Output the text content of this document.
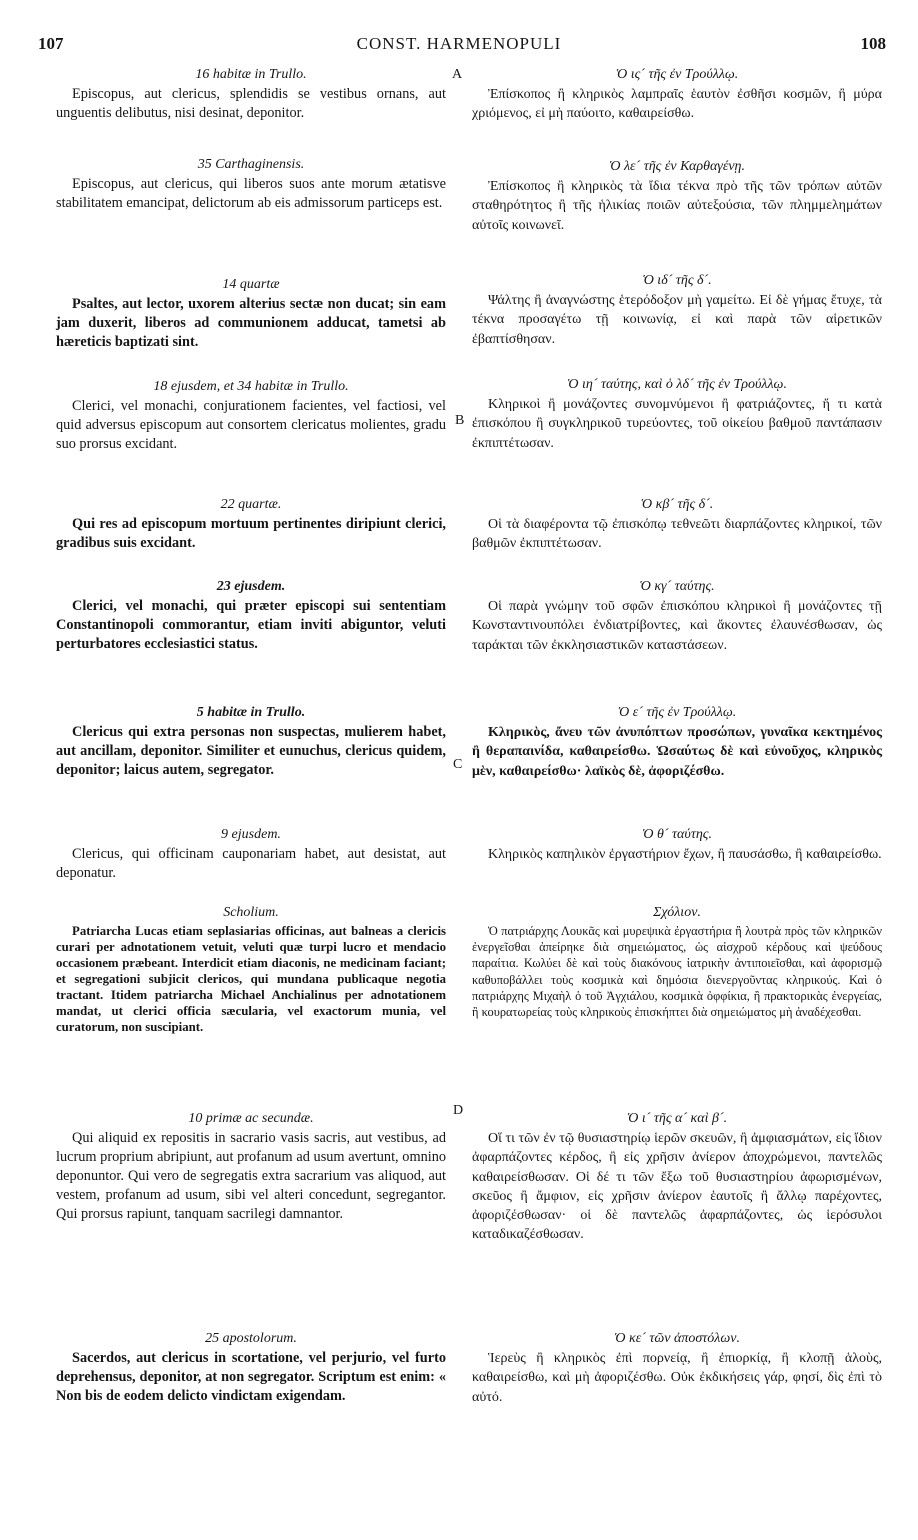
107	CONST. HARMENOPULI	108
A
B
C
D
16 habitæ in Trullo.

Episcopus, aut clericus, splendidis se vestibus ornans, aut unguentis delibutus, nisi desinat, deponitor.

35 Carthaginensis.

Episcopus, aut clericus, qui liberos suos ante morum ætatisve stabilitatem emancipat, delictorum ab eis admissorum particeps est.

14 quartæ

Psaltes, aut lector, uxorem alterius sectæ non ducat; sin eam jam duxerit, liberos ad communionem adducat, tametsi ab hæreticis baptizati sint.

18 ejusdem, et 34 habitæ in Trullo.

Clerici, vel monachi, conjurationem facientes, vel factiosi, vel quid adversus episcopum aut consortem clericatus molientes, gradu suo prorsus excidant.

22 quartæ.

Qui res ad episcopum mortuum pertinentes diripiunt clerici, gradibus suis excidant.

23 ejusdem.

Clerici, vel monachi, qui præter episcopi sui sententiam Constantinopoli commorantur, etiam inviti abiguntor, veluti perturbatores ecclesiastici status.

5 habitæ in Trullo.

Clericus qui extra personas non suspectas, mulierem habet, aut ancillam, deponitor. Similiter et eunuchus, clericus quidem, deponitor; laicus autem, segregator.

9 ejusdem.

Clericus, qui officinam cauponariam habet, aut desistat, aut deponatur.

Scholium.

Patriarcha Lucas etiam seplasiarias officinas, aut balneas a clericis curari per adnotationem vetuit, veluti quæ turpi lucro et mendacio occasionem præbeant. Interdicit etiam diaconis, ne medicinam faciant; et segregationi subjicit clericos, qui mundana publicaque negotia tractant. Itidem patriarcha Michael Anchialinus per adnotationem mandat, ut clerici officia sæcularia, vel exactorum munia, vel curatorum, non suscipiant.

10 primæ ac secundæ.

Qui aliquid ex repositis in sacrario vasis sacris, aut vestibus, ad lucrum proprium abripiunt, aut profanum ad usum avertunt, omnino deponuntor. Qui vero de segregatis extra sacrarium vas aliquod, aut vestem, profanum ad usum, sibi vel alteri concedunt, segregantor. Qui prorsus rapiunt, tanquam sacrilegi damnantor.

25 apostolorum.

Sacerdos, aut clericus in scortatione, vel perjurio, vel furto deprehensus, deponitor, at non segregator. Scriptum est enim: « Non bis de eodem delicto vindictam exigendam.

Ὁ ις´ τῆς ἐν Τρούλλῳ.

Ἐπίσκοπος ἢ κληρικὸς λαμπραῖς ἑαυτὸν ἐσθῆσι κοσμῶν, ἢ μύρα χριόμενος, εἰ μὴ παύοιτο, καθαιρείσθω.

Ὁ λε´ τῆς ἐν Καρθαγένῃ.

Ἐπίσκοπος ἢ κληρικὸς τὰ ἴδια τέκνα πρὸ τῆς τῶν τρόπων αὐτῶν σταθηρότητος ἢ τῆς ἡλικίας ποιῶν αὐτεξούσια, τῶν πλημμελημάτων αὐτοῖς κοινωνεῖ.

Ὁ ιδ´ τῆς δ´.

Ψάλτης ἢ ἀναγνώστης ἑτερόδοξον μὴ γαμείτω. Εἰ δὲ γήμας ἔτυχε, τὰ τέκνα προσαγέτω τῇ κοινωνίᾳ, εἰ καὶ παρὰ τῶν αἱρετικῶν ἐβαπτίσθησαν.

Ὁ ιη´ ταύτης, καὶ ὁ λδ´ τῆς ἐν Τρούλλῳ.

Κληρικοὶ ἢ μονάζοντες συνομνύμενοι ἢ φατριάζοντες, ἤ τι κατὰ ἐπισκόπου ἢ συγκληρικοῦ τυρεύοντες, τοῦ οἰκείου βαθμοῦ παντάπασιν ἐκπιπτέτωσαν.

Ὁ κβ´ τῆς δ´.

Οἱ τὰ διαφέροντα τῷ ἐπισκόπῳ τεθνεῶτι διαρπάζοντες κληρικοί, τῶν βαθμῶν ἐκπιπτέτωσαν.

Ὁ κγ´ ταύτης.

Οἱ παρὰ γνώμην τοῦ σφῶν ἐπισκόπου κληρικοὶ ἢ μονάζοντες τῇ Κωνσταντινουπόλει ἐνδιατρίβοντες, καὶ ἄκοντες ἐλαυνέσθωσαν, ὡς ταράκται τῶν ἐκκλησιαστικῶν καταστάσεων.

Ὁ ε´ τῆς ἐν Τρούλλῳ.

Κληρικὸς, ἄνευ τῶν ἀνυπόπτων προσώπων, γυναῖκα κεκτημένος ἢ θεραπαινίδα, καθαιρείσθω. Ὡσαύτως δὲ καὶ εὐνοῦχος, κληρικὸς μὲν, καθαιρείσθω· λαϊκὸς δὲ, ἀφοριζέσθω.

Ὁ θ´ ταύτης.

Κληρικὸς καπηλικὸν ἐργαστήριον ἔχων, ἢ παυσάσθω, ἢ καθαιρείσθω.

Σχόλιον.

Ὁ πατριάρχης Λουκᾶς καὶ μυρεψικὰ ἐργαστήρια ἢ λουτρὰ πρὸς τῶν κληρικῶν ἐνεργεῖσθαι ἀπείρηκε διὰ σημειώματος, ὡς αἰσχροῦ κέρδους καὶ ψεύδους παραίτια. Κωλύει δὲ καὶ τοὺς διακόνους ἰατρικὴν ἀντιποιεῖσθαι, καὶ ἀφορισμῷ καθυποβάλλει τοὺς κοσμικὰ καὶ δημόσια διενεργοῦντας κληρικούς. Καὶ ὁ πατριάρχης Μιχαὴλ ὁ τοῦ Ἀγχιάλου, κοσμικὰ ὀφφίκια, ἢ πρακτορικὰς ἐνεργείας, ἢ κουρατωρείας τοὺς κληρικοὺς ἐπισκήπτει διὰ σημειώματος μὴ ἀναδέχεσθαι.

Ὁ ι´ τῆς α´ καὶ β´.

Οἵ τι τῶν ἐν τῷ θυσιαστηρίῳ ἱερῶν σκευῶν, ἢ ἀμφιασμάτων, εἰς ἴδιον ἀφαρπάζοντες κέρδος, ἢ εἰς χρῆσιν ἀνίερον ἀποχρώμενοι, παντελῶς καθαιρείσθωσαν. Οἱ δέ τι τῶν ἔξω τοῦ θυσιαστηρίου ἀφωρισμένων, σκεῦος ἢ ἄμφιον, εἰς χρῆσιν ἀνίερον ἑαυτοῖς ἢ ἄλλῳ παρέχοντες, ἀφοριζέσθωσαν· οἱ δὲ παντελῶς ἀφαρπάζοντες, ὡς ἱερόσυλοι καταδικαζέσθωσαν.

Ὁ κε´ τῶν ἀποστόλων.

Ἱερεὺς ἢ κληρικὸς ἐπὶ πορνείᾳ, ἢ ἐπιορκίᾳ, ἢ κλοπῇ ἁλοὺς, καθαιρείσθω, καὶ μὴ ἀφοριζέσθω. Οὐκ ἐκδικήσεις γάρ, φησί, δὶς ἐπὶ τὸ αὐτό.
